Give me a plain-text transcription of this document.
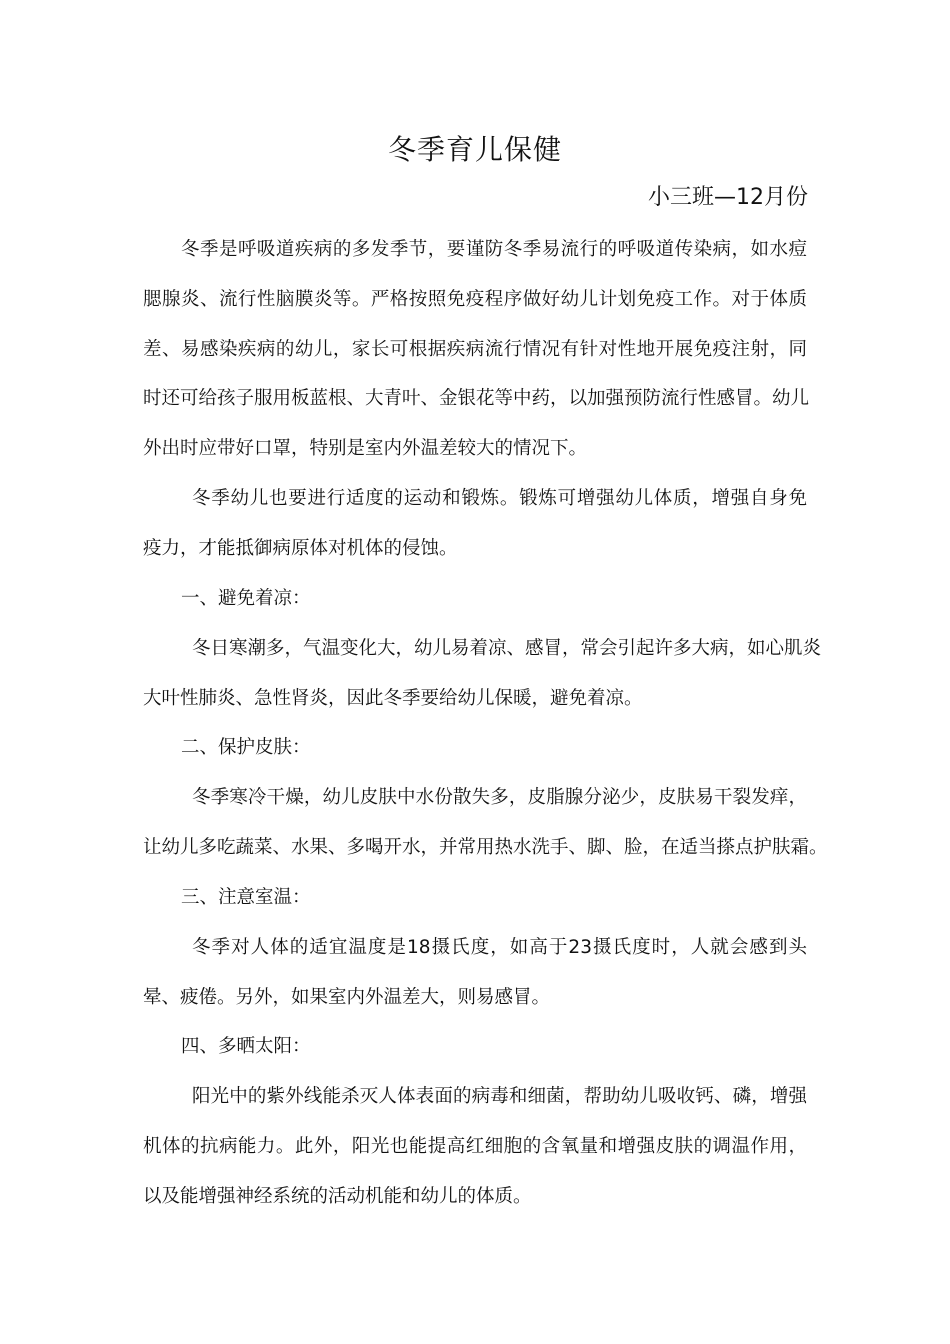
冬季育儿保健
小三班—12月份
冬季是呼吸道疾病的多发季节，要谨防冬季易流行的呼吸道传染病，如水痘
腮腺炎、流行性脑膜炎等。严格按照免疫程序做好幼儿计划免疫工作。对于体质
差、易感染疾病的幼儿，家长可根据疾病流行情况有针对性地开展免疫注射，同
时还可给孩子服用板蓝根、大青叶、金银花等中药，以加强预防流行性感冒。幼儿
外出时应带好口罩，特别是室内外温差较大的情况下。
冬季幼儿也要进行适度的运动和锻炼。锻炼可增强幼儿体质，增强自身免
疫力，才能抵御病原体对机体的侵蚀。
一、避免着凉：
冬日寒潮多，气温变化大，幼儿易着凉、感冒，常会引起许多大病，如心肌炎
大叶性肺炎、急性肾炎，因此冬季要给幼儿保暖，避免着凉。
二、保护皮肤：
冬季寒冷干燥，幼儿皮肤中水份散失多，皮脂腺分泌少，皮肤易干裂发痒，
让幼儿多吃蔬菜、水果、多喝开水，并常用热水洗手、脚、脸，在适当搽点护肤霜。
三、注意室温：
冬季对人体的适宜温度是18摄氏度，如高于23摄氏度时，人就会感到头
晕、疲倦。另外，如果室内外温差大，则易感冒。
四、多晒太阳：
阳光中的紫外线能杀灭人体表面的病毒和细菌，帮助幼儿吸收钙、磷，增强
机体的抗病能力。此外，阳光也能提高红细胞的含氧量和增强皮肤的调温作用，
以及能增强神经系统的活动机能和幼儿的体质。
